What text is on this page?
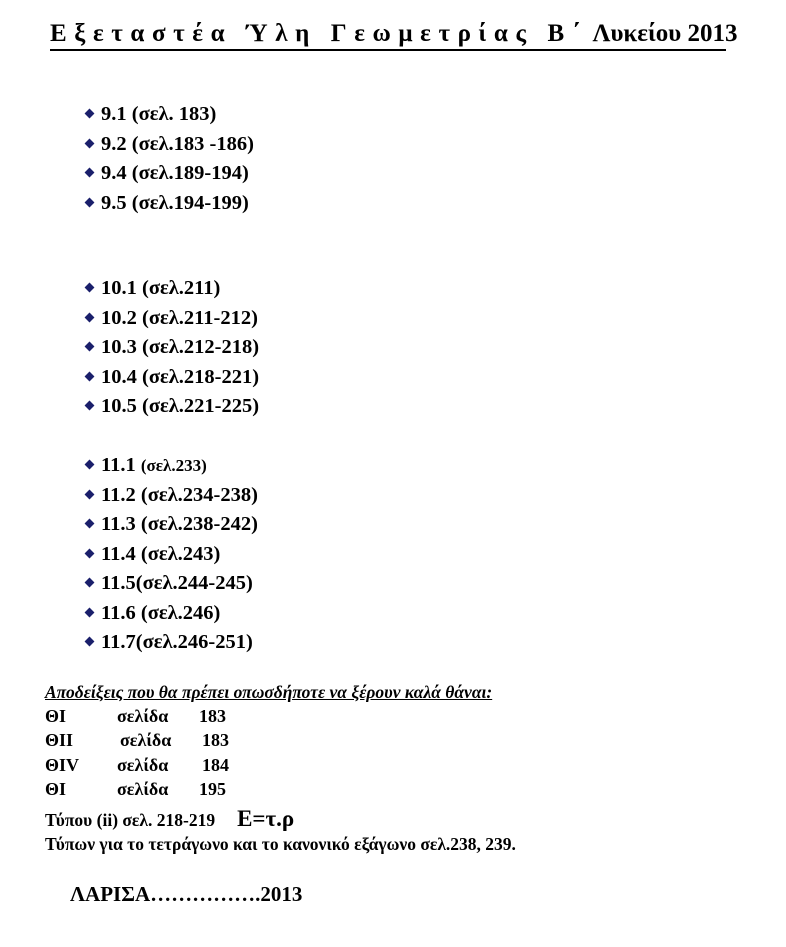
Εξεταστέα Ύλη Γεωμετρίας Β΄ Λυκείου 2013
9.1 (σελ. 183)
9.2 (σελ.183 -186)
9.4 (σελ.189-194)
9.5 (σελ.194-199)
10.1 (σελ.211)
10.2 (σελ.211-212)
10.3 (σελ.212-218)
10.4 (σελ.218-221)
10.5 (σελ.221-225)
11.1 (σελ.233)
11.2 (σελ.234-238)
11.3 (σελ.238-242)
11.4 (σελ.243)
11.5(σελ.244-245)
11.6 (σελ.246)
11.7(σελ.246-251)
Αποδείξεις που θα πρέπει οπωσδήποτε να ξέρουν καλά θάναι:
ΘΙ	σελίδα 183
ΘΙΙ	σελίδα 183
ΘΙV σελίδα 184
ΘΙ	σελίδα 195
Τύπου (ii) σελ. 218-219 Ε=τ.ρ
Τύπων για το τετράγωνο και το κανονικό εξάγωνο σελ.238, 239.
ΛΑΡΙΣΑ…………….2013
